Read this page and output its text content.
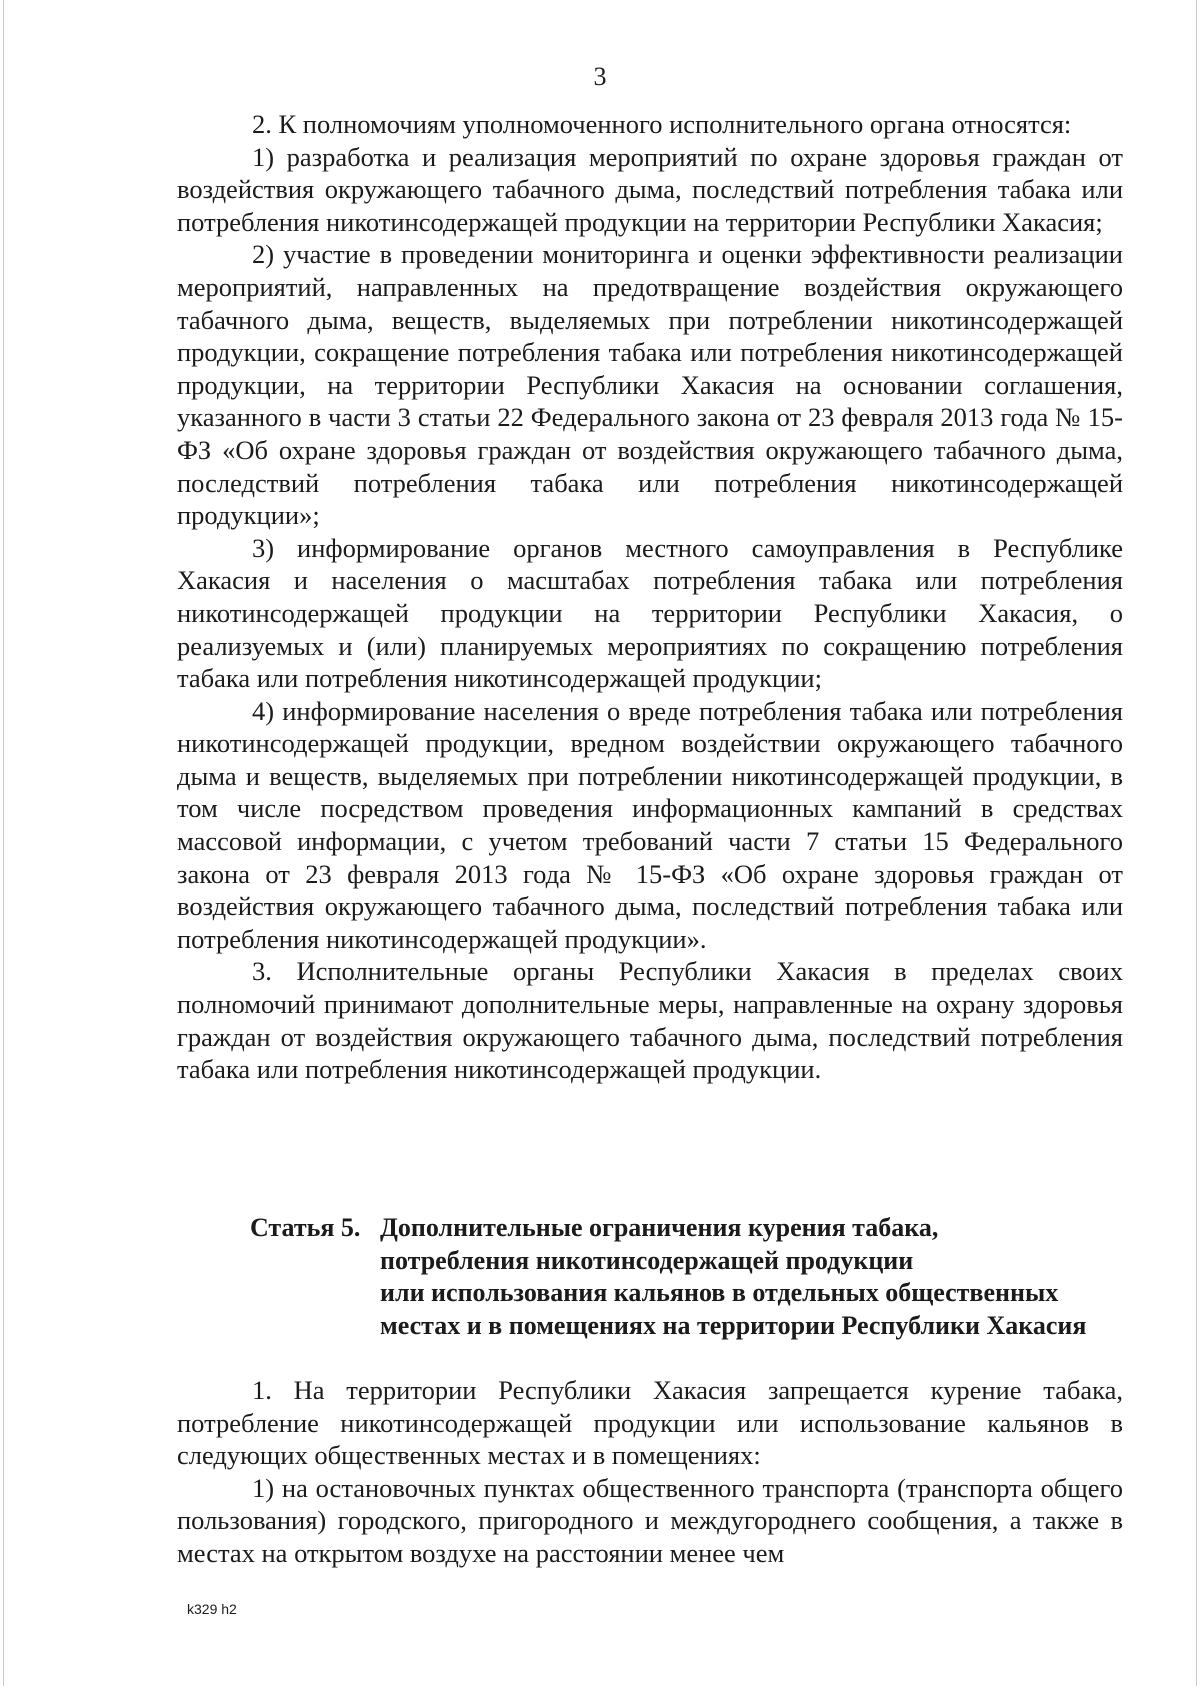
3

2. К полномочиям уполномоченного исполнительного органа относятся:

1) разработка и реализация мероприятий по охране здоровья граждан от воздействия окружающего табачного дыма, последствий потребления табака или потребления никотинсодержащей продукции на территории Республики Хакасия;

2) участие в проведении мониторинга и оценки эффективности реализации мероприятий, направленных на предотвращение воздействия окружающего табачного дыма, веществ, выделяемых при потреблении никотинсодержащей продукции, сокращение потребления табака или потребления никотинсодержащей продукции, на территории Республики Хакасия на основании соглашения, указанного в части 3 статьи 22 Федерального закона от 23 февраля 2013 года № 15-ФЗ «Об охране здоровья граждан от воздействия окружающего табачного дыма, последствий потребления табака или потребления никотинсодержащей продукции»;

3) информирование органов местного самоуправления в Республике Хакасия и населения о масштабах потребления табака или потребления никотинсодержащей продукции на территории Республики Хакасия, о реализуемых и (или) планируемых мероприятиях по сокращению потребления табака или потребления никотинсодержащей продукции;

4) информирование населения о вреде потребления табака или потребления никотинсодержащей продукции, вредном воздействии окружающего табачного дыма и веществ, выделяемых при потреблении никотинсодержащей продукции, в том числе посредством проведения информационных кампаний в средствах массовой информации, с учетом требований части 7 статьи 15 Федерального закона от 23 февраля 2013 года № 15-ФЗ «Об охране здоровья граждан от воздействия окружающего табачного дыма, последствий потребления табака или потребления никотинсодержащей продукции».

3. Исполнительные органы Республики Хакасия в пределах своих полномочий принимают дополнительные меры, направленные на охрану здоровья граждан от воздействия окружающего табачного дыма, последствий потребления табака или потребления никотинсодержащей продукции.

Статья 5. Дополнительные ограничения курения табака,
потребления никотинсодержащей продукции
или использования кальянов в отдельных общественных
местах и в помещениях на территории Республики Хакасия

1. На территории Республики Хакасия запрещается курение табака, потребление никотинсодержащей продукции или использование кальянов в следующих общественных местах и в помещениях:

1) на остановочных пунктах общественного транспорта (транспорта общего пользования) городского, пригородного и междугороднего сообщения, а также в местах на открытом воздухе на расстоянии менее чем

k329 h2
